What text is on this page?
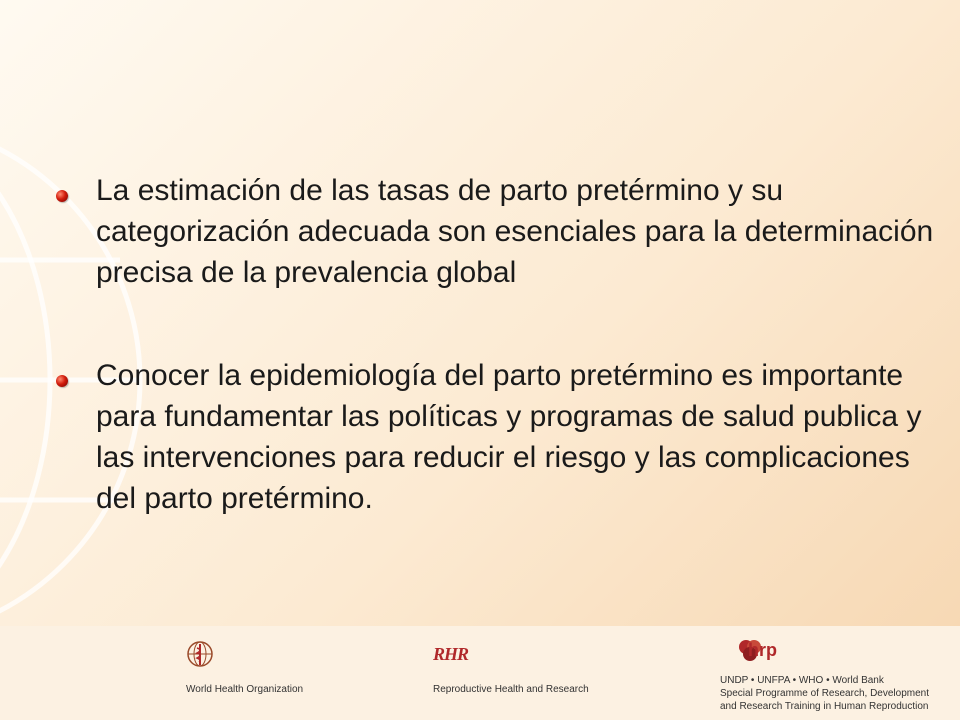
La estimación de las tasas de parto pretérmino y su categorización adecuada son esenciales para la determinación precisa de la prevalencia global
Conocer la epidemiología del parto pretérmino es importante para fundamentar las políticas y programas de salud publica y las intervenciones para reducir el riesgo y las complicaciones del parto pretérmino.
World Health Organization
RHR
Reproductive Health and Research
hrp
UNDP • UNFPA • WHO • World Bank
Special Programme of Research, Development
and Research Training in Human Reproduction
